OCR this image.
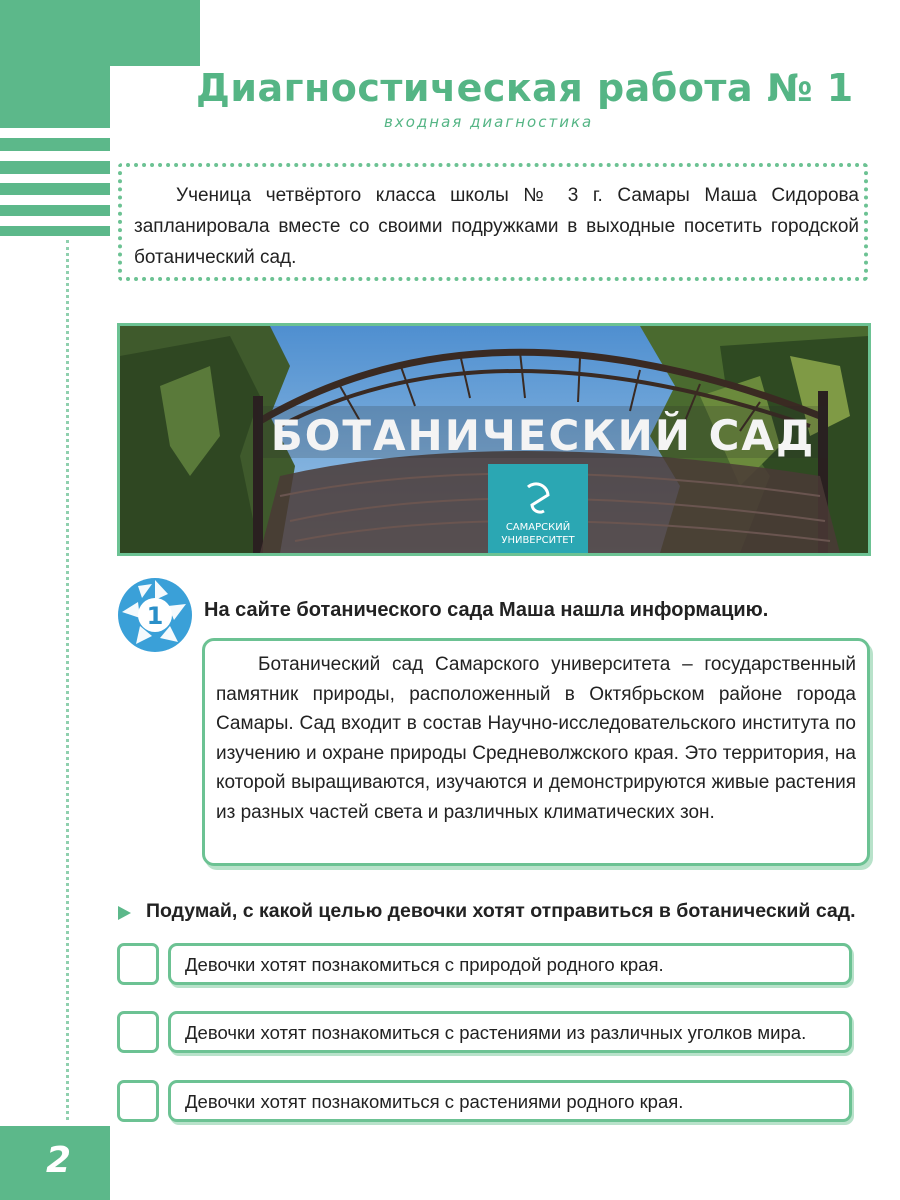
Диагностическая работа № 1
входная диагностика
Ученица четвёртого класса школы № 3 г. Самары Маша Сидорова запланировала вместе со своими подружками в выходные посетить городской ботанический сад.
БОТАНИЧЕСКИЙ САД
САМАРСКИЙ
УНИВЕРСИТЕТ
1 На сайте ботанического сада Маша нашла информацию.
Ботанический сад Самарского университета – государственный памятник природы, расположенный в Октябрьском районе города Самары. Сад входит в состав Научно-исследовательского института по изучению и охране природы Средневолжского края. Это территория, на которой выращиваются, изучаются и демонстрируются живые растения из разных частей света и различных климатических зон.
Подумай, с какой целью девочки хотят отправиться в ботанический сад.
Девочки хотят познакомиться с природой родного края.
Девочки хотят познакомиться с растениями из различных уголков мира.
Девочки хотят познакомиться с растениями родного края.
2
